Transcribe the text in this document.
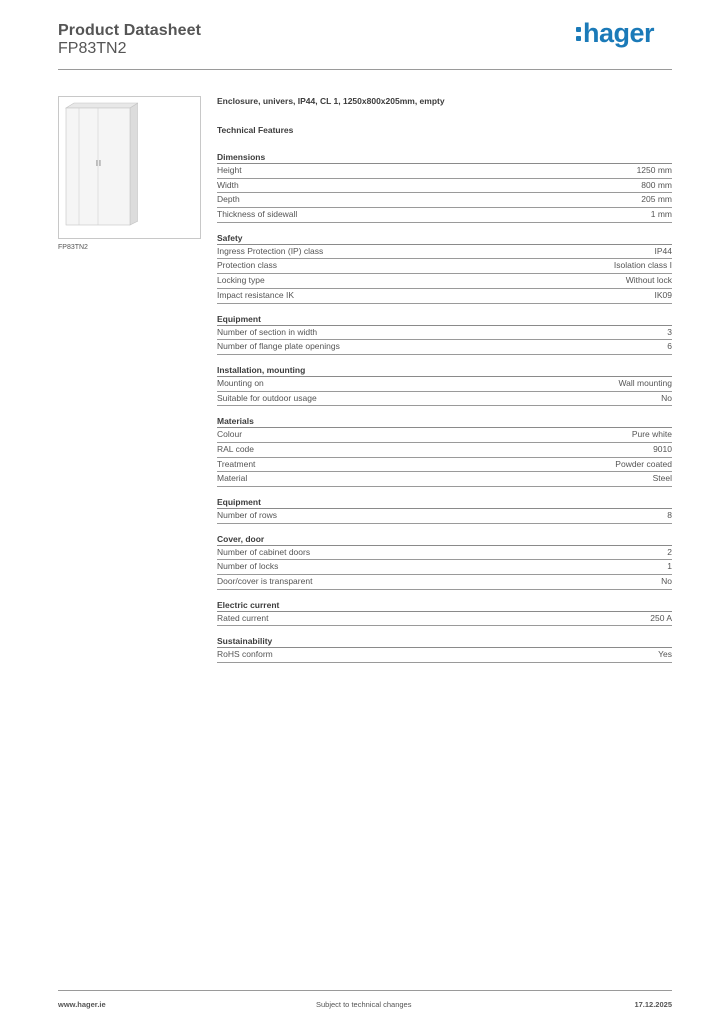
Product Datasheet
FP83TN2
hager
FP83TN2
Enclosure, univers, IP44, CL 1, 1250x800x205mm, empty
Technical Features
Dimensions
Height	1250 mm
Width	800 mm
Depth	205 mm
Thickness of sidewall	1 mm
Safety
Ingress Protection (IP) class	IP44
Protection class	Isolation class I
Locking type	Without lock
Impact resistance IK	IK09
Equipment
Number of section in width	3
Number of flange plate openings	6
Installation, mounting
Mounting on	Wall mounting
Suitable for outdoor usage	No
Materials
Colour	Pure white
RAL code	9010
Treatment	Powder coated
Material	Steel
Equipment
Number of rows	8
Cover, door
Number of cabinet doors	2
Number of locks	1
Door/cover is transparent	No
Electric current
Rated current	250 A
Sustainability
RoHS conform	Yes
www.hager.ie	Subject to technical changes	17.12.2025
